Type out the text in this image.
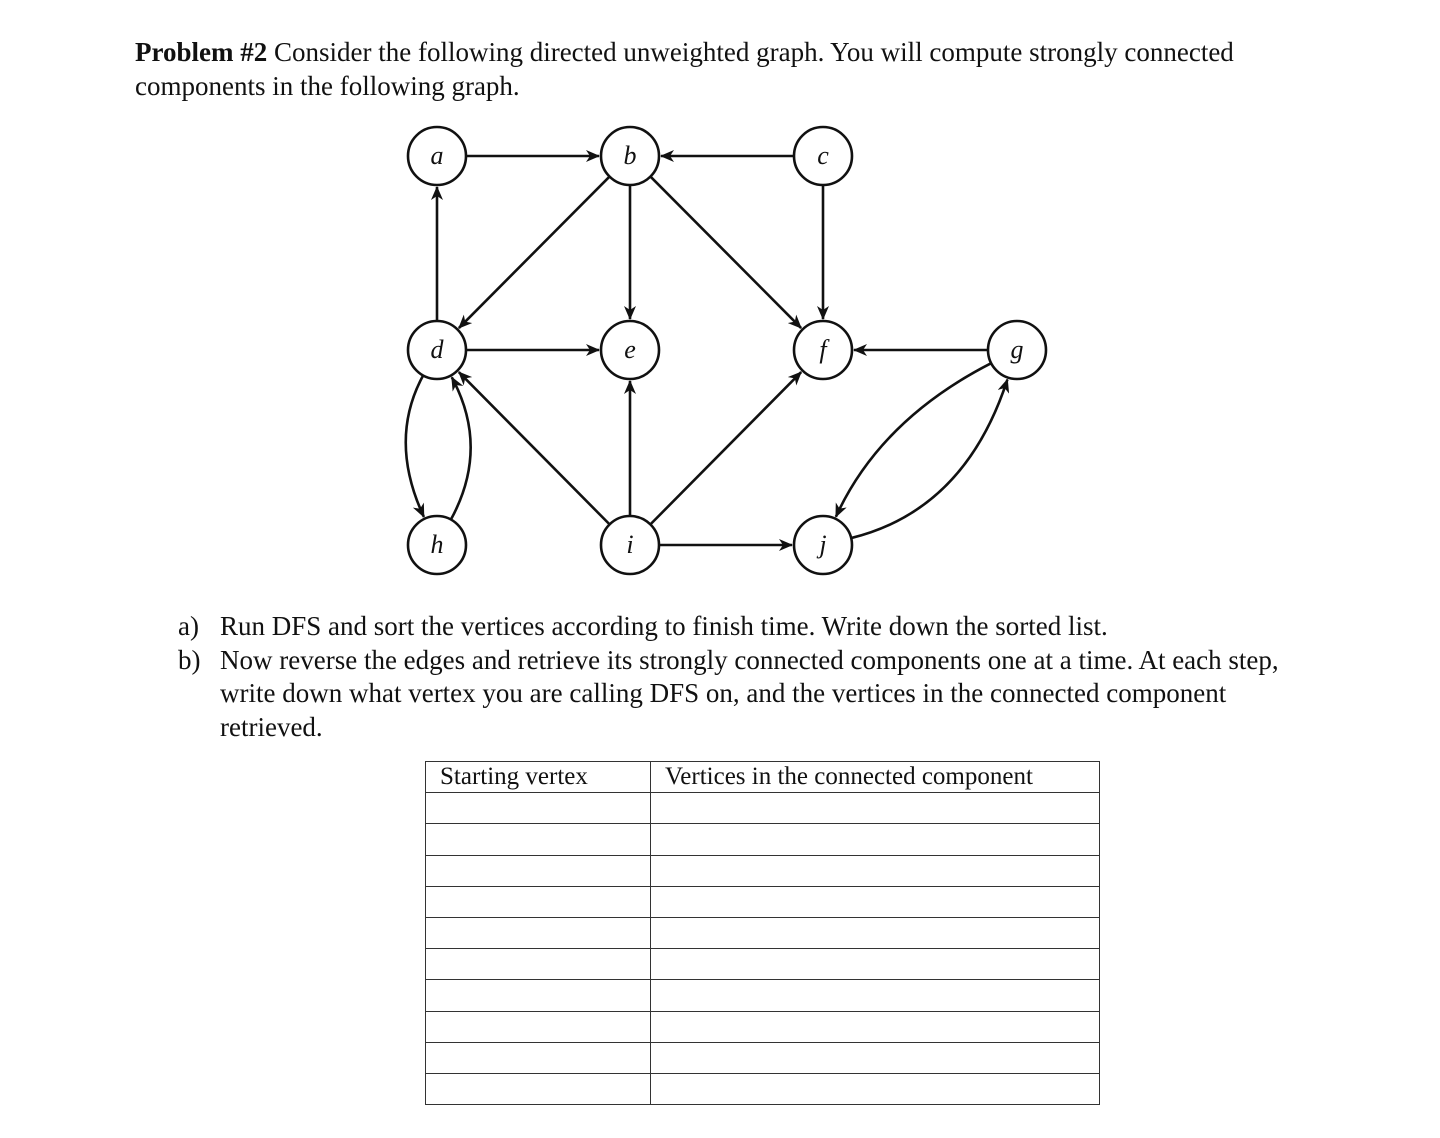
Problem #2 Consider the following directed unweighted graph. You will compute strongly connected components in the following graph.
a	b	c
d	e	f	g
h	i	j
a) Run DFS and sort the vertices according to finish time. Write down the sorted list.
b) Now reverse the edges and retrieve its strongly connected components one at a time. At each step, write down what vertex you are calling DFS on, and the vertices in the connected component retrieved.
Starting vertex	Vertices in the connected component
